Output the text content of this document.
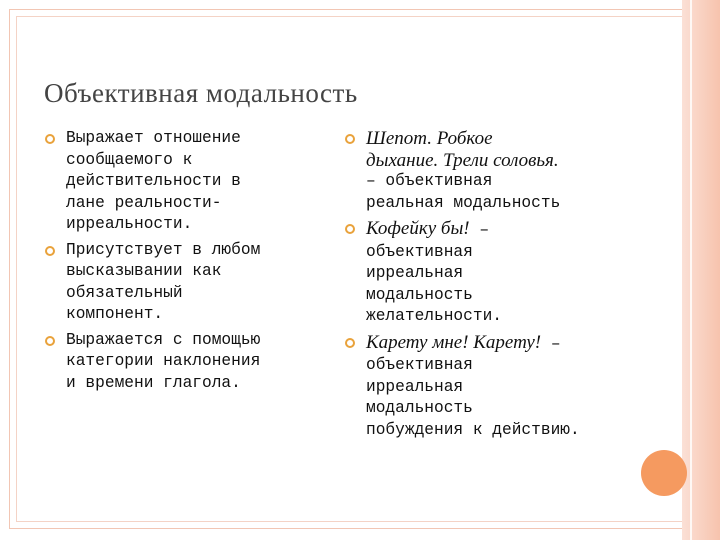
Объективная модальность
Выражает отношение
сообщаемого к
действительности в
лане реальности-
ирреальности.
Присутствует в любом
высказывании как
обязательный
компонент.
Выражается с помощью
категории наклонения
и времени глагола.
Шепот. Робкое
дыхание. Трели соловья.
– объективная
реальная модальность
Кофейку бы! –
объективная
ирреальная
модальность
желательности.
Карету мне! Карету! –
объективная
ирреальная
модальность
побуждения к действию.
